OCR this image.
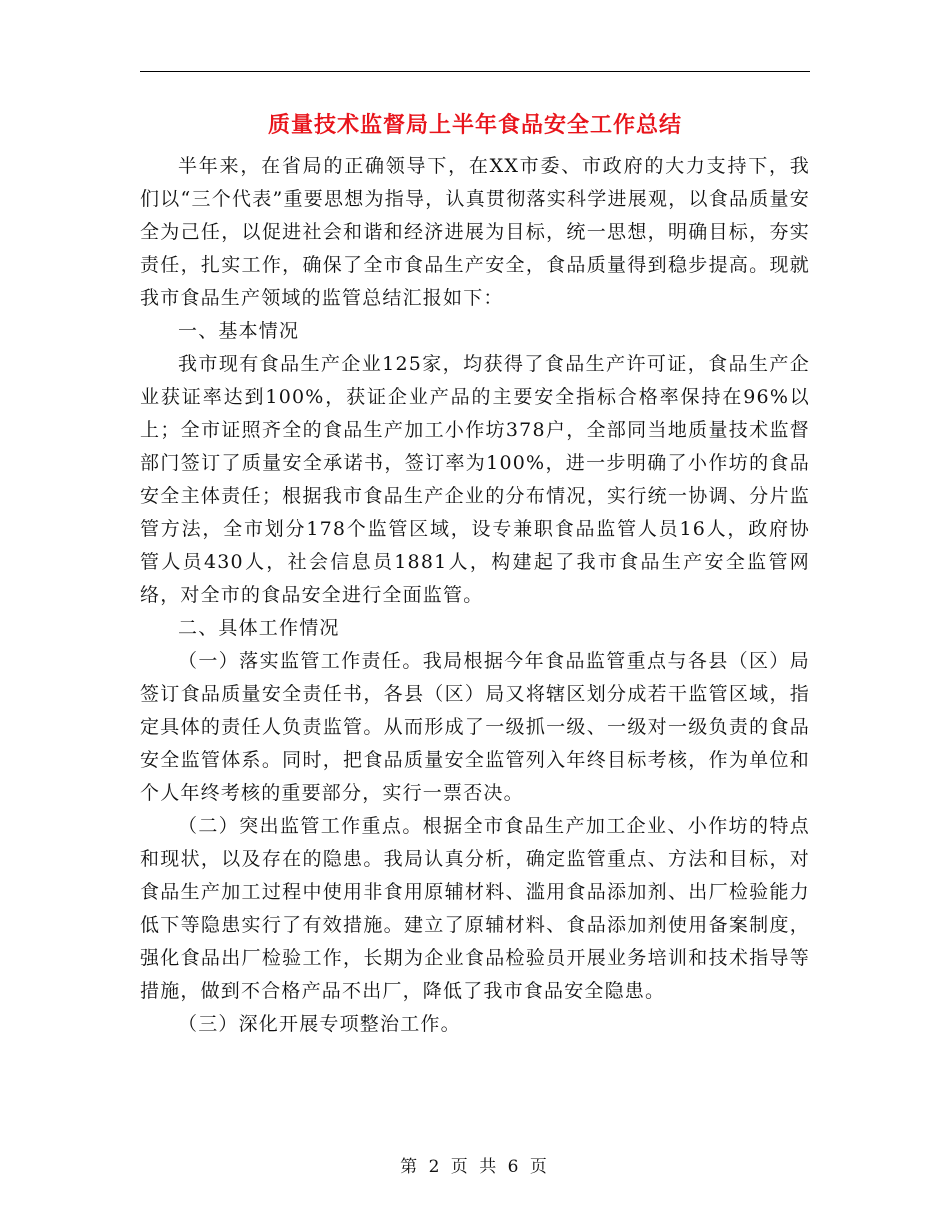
质量技术监督局上半年食品安全工作总结

半年来，在省局的正确领导下，在XX市委、市政府的大力支持下，我们以“三个代表”重要思想为指导，认真贯彻落实科学进展观，以食品质量安全为己任，以促进社会和谐和经济进展为目标，统一思想，明确目标，夯实责任，扎实工作，确保了全市食品生产安全，食品质量得到稳步提高。现就我市食品生产领域的监管总结汇报如下：

一、基本情况

我市现有食品生产企业125家，均获得了食品生产许可证，食品生产企业获证率达到100%，获证企业产品的主要安全指标合格率保持在96%以上；全市证照齐全的食品生产加工小作坊378户，全部同当地质量技术监督部门签订了质量安全承诺书，签订率为100%，进一步明确了小作坊的食品安全主体责任；根据我市食品生产企业的分布情况，实行统一协调、分片监管方法，全市划分178个监管区域，设专兼职食品监管人员16人，政府协管人员430人，社会信息员1881人，构建起了我市食品生产安全监管网络，对全市的食品安全进行全面监管。

二、具体工作情况

（一）落实监管工作责任。我局根据今年食品监管重点与各县（区）局签订食品质量安全责任书，各县（区）局又将辖区划分成若干监管区域，指定具体的责任人负责监管。从而形成了一级抓一级、一级对一级负责的食品安全监管体系。同时，把食品质量安全监管列入年终目标考核，作为单位和个人年终考核的重要部分，实行一票否决。

（二）突出监管工作重点。根据全市食品生产加工企业、小作坊的特点和现状，以及存在的隐患。我局认真分析，确定监管重点、方法和目标，对食品生产加工过程中使用非食用原辅材料、滥用食品添加剂、出厂检验能力低下等隐患实行了有效措施。建立了原辅材料、食品添加剂使用备案制度，强化食品出厂检验工作，长期为企业食品检验员开展业务培训和技术指导等措施，做到不合格产品不出厂，降低了我市食品安全隐患。

（三）深化开展专项整治工作。

第 2 页 共 6 页
